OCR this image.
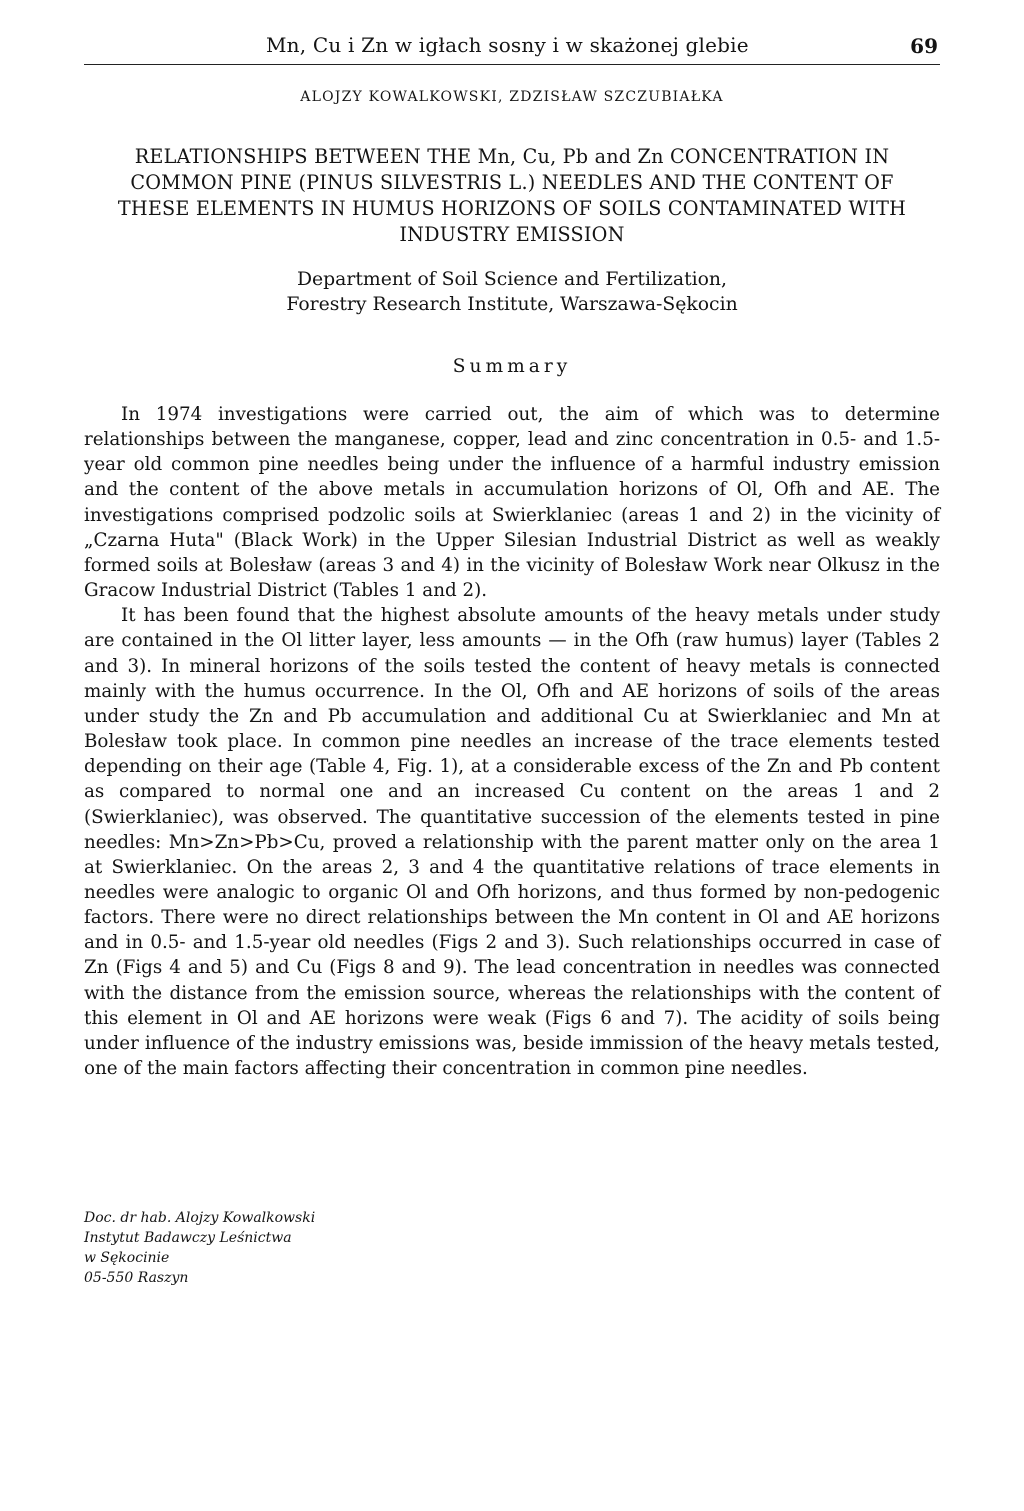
Mn, Cu i Zn w igłach sosny i w skażonej glebie	69
ALOJZY KOWALKOWSKI, ZDZISŁAW SZCZUBIAŁKA
RELATIONSHIPS BETWEEN THE Mn, Cu, Pb and Zn CONCENTRATION IN
COMMON PINE (PINUS SILVESTRIS L.) NEEDLES AND THE CONTENT OF
THESE ELEMENTS IN HUMUS HORIZONS OF SOILS CONTAMINATED WITH
INDUSTRY EMISSION
Department of Soil Science and Fertilization,
Forestry Research Institute, Warszawa-Sękocin
Summary

In 1974 investigations were carried out, the aim of which was to determine relationships between the manganese, copper, lead and zinc concentration in 0.5- and 1.5-year old common pine needles being under the influence of a harmful industry emission and the content of the above metals in accumulation horizons of Ol, Ofh and AE. The investigations comprised podzolic soils at Swierklaniec (areas 1 and 2) in the vicinity of „Czarna Huta" (Black Work) in the Upper Silesian Industrial District as well as weakly formed soils at Bolesław (areas 3 and 4) in the vicinity of Bolesław Work near Olkusz in the Gracow Industrial District (Tables 1 and 2).

It has been found that the highest absolute amounts of the heavy metals under study are contained in the Ol litter layer, less amounts — in the Ofh (raw humus) layer (Tables 2 and 3). In mineral horizons of the soils tested the content of heavy metals is connected mainly with the humus occurrence. In the Ol, Ofh and AE horizons of soils of the areas under study the Zn and Pb accumulation and additional Cu at Swierklaniec and Mn at Bolesław took place. In common pine needles an increase of the trace elements tested depending on their age (Table 4, Fig. 1), at a considerable excess of the Zn and Pb content as compared to normal one and an increased Cu content on the areas 1 and 2 (Swierklaniec), was observed. The quantitative succession of the elements tested in pine needles: Mn>Zn>Pb>Cu, proved a relationship with the parent matter only on the area 1 at Swierklaniec. On the areas 2, 3 and 4 the quantitative relations of trace elements in needles were analogic to organic Ol and Ofh horizons, and thus formed by non-pedogenic factors. There were no direct relationships between the Mn content in Ol and AE horizons and in 0.5- and 1.5-year old needles (Figs 2 and 3). Such relationships occurred in case of Zn (Figs 4 and 5) and Cu (Figs 8 and 9). The lead concentration in needles was connected with the distance from the emission source, whereas the relationships with the content of this element in Ol and AE horizons were weak (Figs 6 and 7). The acidity of soils being under influence of the industry emissions was, beside immission of the heavy metals tested, one of the main factors affecting their concentration in common pine needles.

Doc. dr hab. Alojzy Kowalkowski
Instytut Badawczy Leśnictwa
w Sękocinie
05-550 Raszyn
